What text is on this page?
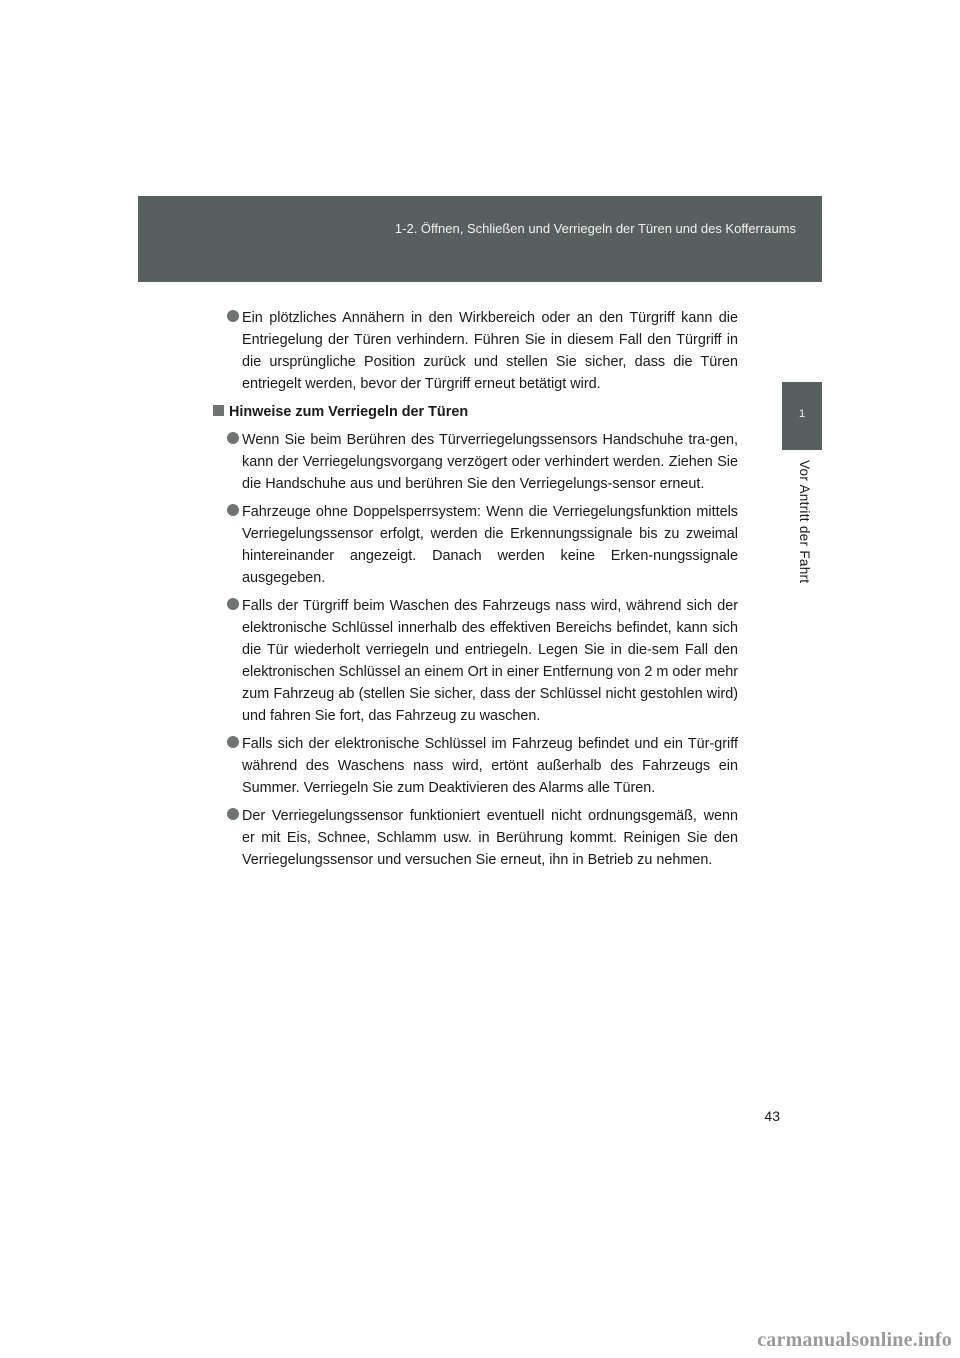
1-2. Öffnen, Schließen und Verriegeln der Türen und des Kofferraums
1
Vor Antritt der Fahrt
Ein plötzliches Annähern in den Wirkbereich oder an den Türgriff kann die Entriegelung der Türen verhindern. Führen Sie in diesem Fall den Türgriff in die ursprüngliche Position zurück und stellen Sie sicher, dass die Türen entriegelt werden, bevor der Türgriff erneut betätigt wird.
Hinweise zum Verriegeln der Türen
Wenn Sie beim Berühren des Türverriegelungssensors Handschuhe tra-gen, kann der Verriegelungsvorgang verzögert oder verhindert werden. Ziehen Sie die Handschuhe aus und berühren Sie den Verriegelungs-sensor erneut.
Fahrzeuge ohne Doppelsperrsystem: Wenn die Verriegelungsfunktion mittels Verriegelungssensor erfolgt, werden die Erkennungssignale bis zu zweimal hintereinander angezeigt. Danach werden keine Erken-nungssignale ausgegeben.
Falls der Türgriff beim Waschen des Fahrzeugs nass wird, während sich der elektronische Schlüssel innerhalb des effektiven Bereichs befindet, kann sich die Tür wiederholt verriegeln und entriegeln. Legen Sie in die-sem Fall den elektronischen Schlüssel an einem Ort in einer Entfernung von 2 m oder mehr zum Fahrzeug ab (stellen Sie sicher, dass der Schlüssel nicht gestohlen wird) und fahren Sie fort, das Fahrzeug zu waschen.
Falls sich der elektronische Schlüssel im Fahrzeug befindet und ein Tür-griff während des Waschens nass wird, ertönt außerhalb des Fahrzeugs ein Summer. Verriegeln Sie zum Deaktivieren des Alarms alle Türen.
Der Verriegelungssensor funktioniert eventuell nicht ordnungsgemäß, wenn er mit Eis, Schnee, Schlamm usw. in Berührung kommt. Reinigen Sie den Verriegelungssensor und versuchen Sie erneut, ihn in Betrieb zu nehmen.
43
carmanualsonline.info
